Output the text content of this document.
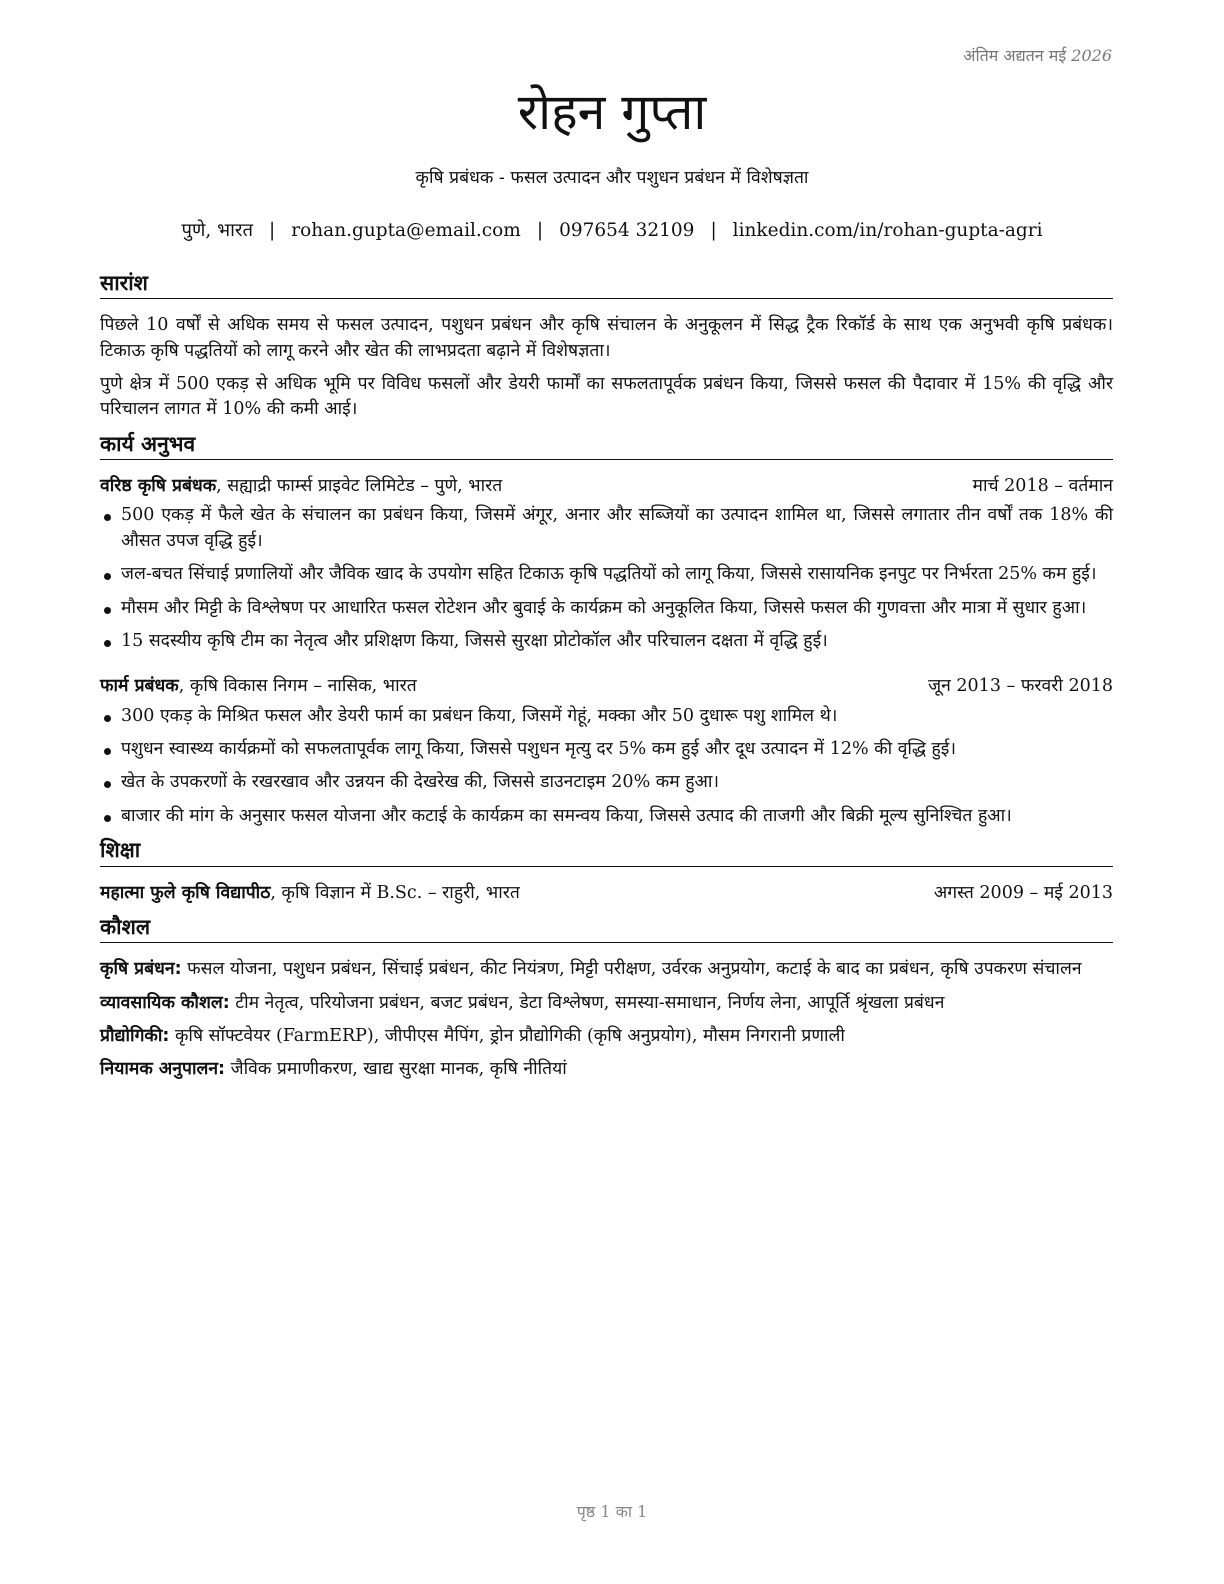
अंतिम अद्यतन मई 2026
रोहन गुप्ता
कृषि प्रबंधक - फसल उत्पादन और पशुधन प्रबंधन में विशेषज्ञता
पुणे, भारत | rohan.gupta@email.com | 097654 32109 | linkedin.com/in/rohan-gupta-agri
सारांश

पिछले 10 वर्षों से अधिक समय से फसल उत्पादन, पशुधन प्रबंधन और कृषि संचालन के अनुकूलन में सिद्ध ट्रैक रिकॉर्ड के साथ एक अनुभवी कृषि प्रबंधक। टिकाऊ कृषि पद्धतियों को लागू करने और खेत की लाभप्रदता बढ़ाने में विशेषज्ञता।

पुणे क्षेत्र में 500 एकड़ से अधिक भूमि पर विविध फसलों और डेयरी फार्मों का सफलतापूर्वक प्रबंधन किया, जिससे फसल की पैदावार में 15% की वृद्धि और परिचालन लागत में 10% की कमी आई।

कार्य अनुभव
वरिष्ठ कृषि प्रबंधक, सह्याद्री फार्म्स प्राइवेट लिमिटेड – पुणे, भारत	मार्च 2018 – वर्तमान
500 एकड़ में फैले खेत के संचालन का प्रबंधन किया, जिसमें अंगूर, अनार और सब्जियों का उत्पादन शामिल था, जिससे लगातार तीन वर्षों तक 18% की औसत उपज वृद्धि हुई।
जल-बचत सिंचाई प्रणालियों और जैविक खाद के उपयोग सहित टिकाऊ कृषि पद्धतियों को लागू किया, जिससे रासायनिक इनपुट पर निर्भरता 25% कम हुई।
मौसम और मिट्टी के विश्लेषण पर आधारित फसल रोटेशन और बुवाई के कार्यक्रम को अनुकूलित किया, जिससे फसल की गुणवत्ता और मात्रा में सुधार हुआ।
15 सदस्यीय कृषि टीम का नेतृत्व और प्रशिक्षण किया, जिससे सुरक्षा प्रोटोकॉल और परिचालन दक्षता में वृद्धि हुई।
फार्म प्रबंधक, कृषि विकास निगम – नासिक, भारत	जून 2013 – फरवरी 2018
300 एकड़ के मिश्रित फसल और डेयरी फार्म का प्रबंधन किया, जिसमें गेहूं, मक्का और 50 दुधारू पशु शामिल थे।
पशुधन स्वास्थ्य कार्यक्रमों को सफलतापूर्वक लागू किया, जिससे पशुधन मृत्यु दर 5% कम हुई और दूध उत्पादन में 12% की वृद्धि हुई।
खेत के उपकरणों के रखरखाव और उन्नयन की देखरेख की, जिससे डाउनटाइम 20% कम हुआ।
बाजार की मांग के अनुसार फसल योजना और कटाई के कार्यक्रम का समन्वय किया, जिससे उत्पाद की ताजगी और बिक्री मूल्य सुनिश्चित हुआ।
शिक्षा
महात्मा फुले कृषि विद्यापीठ, कृषि विज्ञान में B.Sc. – राहुरी, भारत	अगस्त 2009 – मई 2013
कौशल
कृषि प्रबंधन: फसल योजना, पशुधन प्रबंधन, सिंचाई प्रबंधन, कीट नियंत्रण, मिट्टी परीक्षण, उर्वरक अनुप्रयोग, कटाई के बाद का प्रबंधन, कृषि उपकरण संचालन
व्यावसायिक कौशल: टीम नेतृत्व, परियोजना प्रबंधन, बजट प्रबंधन, डेटा विश्लेषण, समस्या-समाधान, निर्णय लेना, आपूर्ति श्रृंखला प्रबंधन
प्रौद्योगिकी: कृषि सॉफ्टवेयर (FarmERP), जीपीएस मैपिंग, ड्रोन प्रौद्योगिकी (कृषि अनुप्रयोग), मौसम निगरानी प्रणाली
नियामक अनुपालन: जैविक प्रमाणीकरण, खाद्य सुरक्षा मानक, कृषि नीतियां
पृष्ठ 1 का 1
